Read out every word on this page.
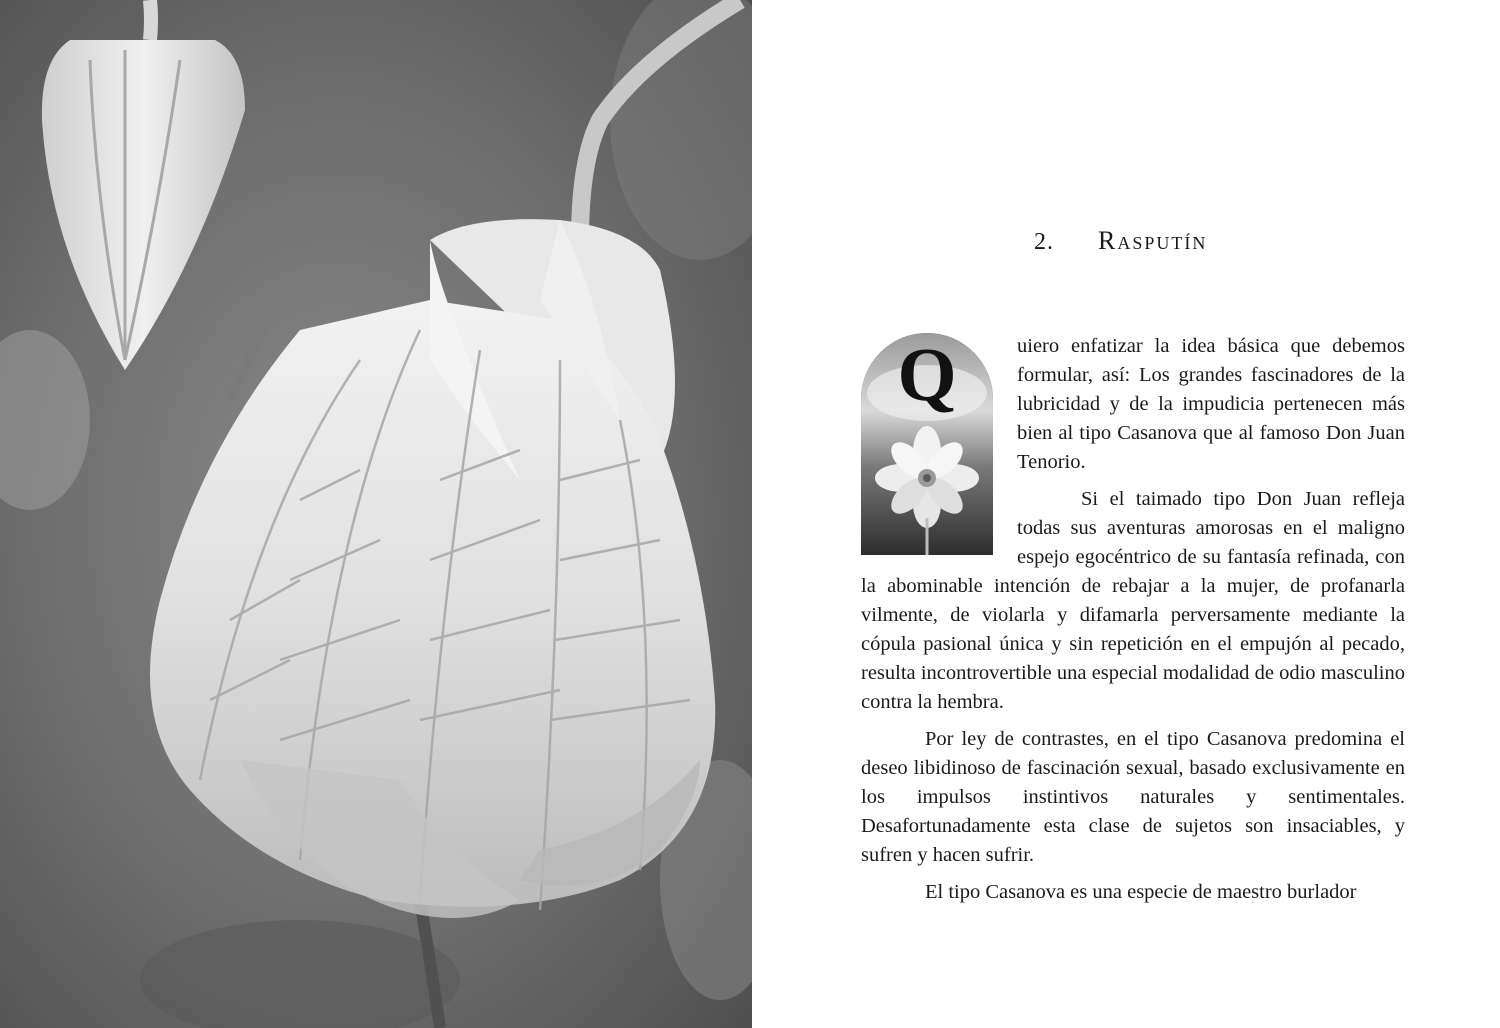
2. Rasputín
Q	uiero enfatizar la idea básica que debemos formular, así: Los grandes fascinadores de la lubricidad y de la impudicia pertenecen más bien al tipo Casanova que al famoso Don Juan Tenorio.

Si el taimado tipo Don Juan refleja todas sus aventuras amorosas en el maligno espejo egocéntrico de su fantasía refinada, con la abominable intención de rebajar a la mujer, de profanarla vilmente, de violarla y difamarla perversamente mediante la cópula pasional única y sin repetición en el empujón al pecado, resulta incontrovertible una especial modalidad de odio masculino contra la hembra.

Por ley de contrastes, en el tipo Casanova predomina el deseo libidinoso de fascinación sexual, basado exclusivamente en los impulsos instintivos naturales y sentimentales. Desafortunadamente esta clase de sujetos son insaciables, y sufren y hacen sufrir.

El tipo Casanova es una especie de maestro burlador
